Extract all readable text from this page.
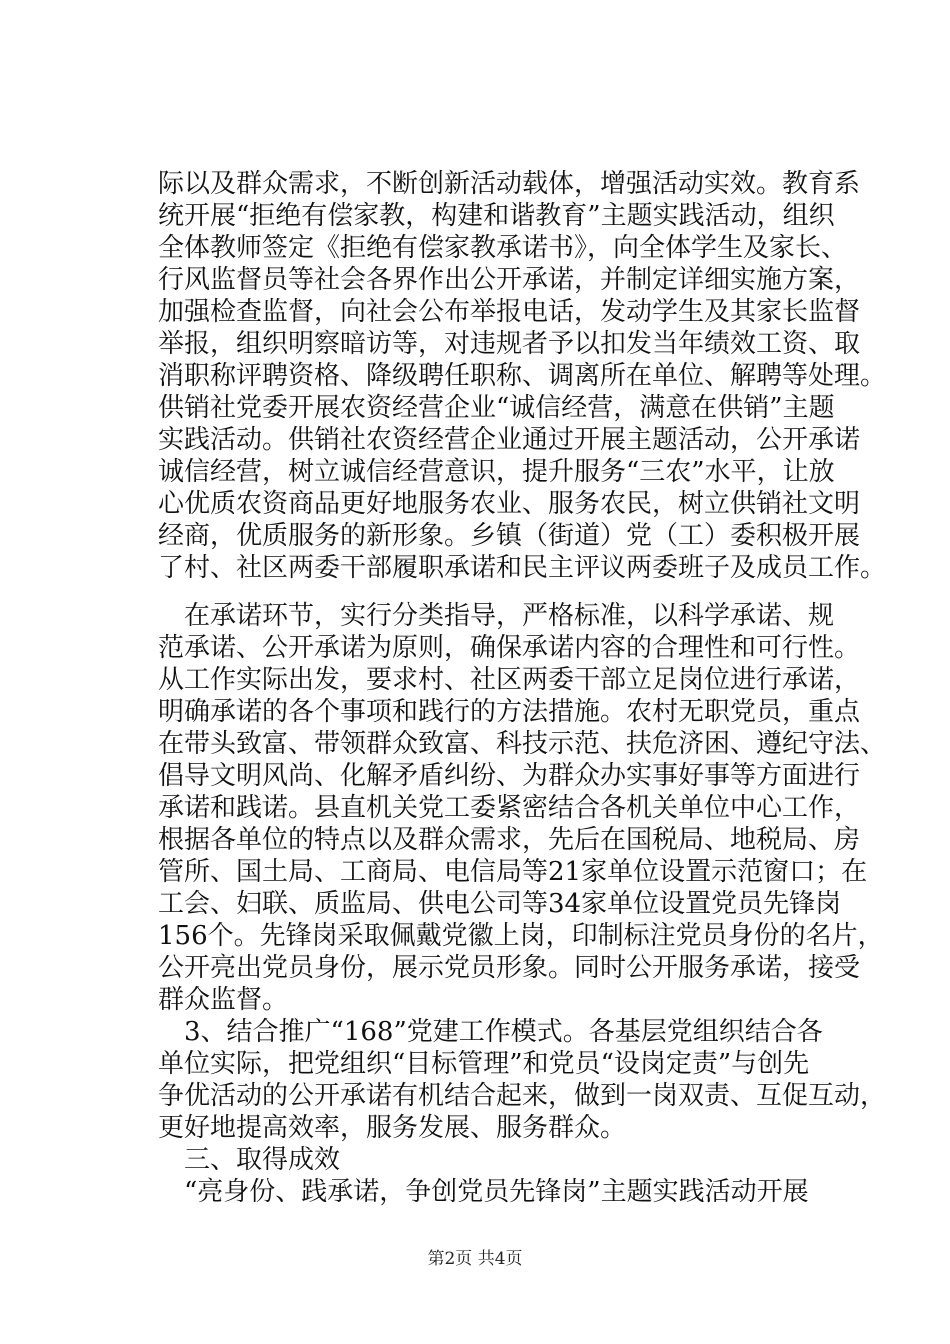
际以及群众需求，不断创新活动载体，增强活动实效。教育系
统开展“拒绝有偿家教，构建和谐教育”主题实践活动，组织
全体教师签定《拒绝有偿家教承诺书》，向全体学生及家长、
行风监督员等社会各界作出公开承诺，并制定详细实施方案，
加强检查监督，向社会公布举报电话，发动学生及其家长监督
举报，组织明察暗访等，对违规者予以扣发当年绩效工资、取
消职称评聘资格、降级聘任职称、调离所在单位、解聘等处理。
供销社党委开展农资经营企业“诚信经营，满意在供销”主题
实践活动。供销社农资经营企业通过开展主题活动，公开承诺
诚信经营，树立诚信经营意识，提升服务“三农”水平，让放
心优质农资商品更好地服务农业、服务农民，树立供销社文明
经商，优质服务的新形象。乡镇（街道）党（工）委积极开展
了村、社区两委干部履职承诺和民主评议两委班子及成员工作。
在承诺环节，实行分类指导，严格标准，以科学承诺、规
范承诺、公开承诺为原则，确保承诺内容的合理性和可行性。
从工作实际出发，要求村、社区两委干部立足岗位进行承诺，
明确承诺的各个事项和践行的方法措施。农村无职党员，重点
在带头致富、带领群众致富、科技示范、扶危济困、遵纪守法、
倡导文明风尚、化解矛盾纠纷、为群众办实事好事等方面进行
承诺和践诺。县直机关党工委紧密结合各机关单位中心工作，
根据各单位的特点以及群众需求，先后在国税局、地税局、房
管所、国土局、工商局、电信局等21家单位设置示范窗口；在
工会、妇联、质监局、供电公司等34家单位设置党员先锋岗
156个。先锋岗采取佩戴党徽上岗，印制标注党员身份的名片，
公开亮出党员身份，展示党员形象。同时公开服务承诺，接受
群众监督。
3、结合推广“168”党建工作模式。各基层党组织结合各
单位实际，把党组织“目标管理”和党员“设岗定责”与创先
争优活动的公开承诺有机结合起来，做到一岗双责、互促互动，
更好地提高效率，服务发展、服务群众。
三、取得成效
“亮身份、践承诺，争创党员先锋岗”主题实践活动开展
第2页 共4页
